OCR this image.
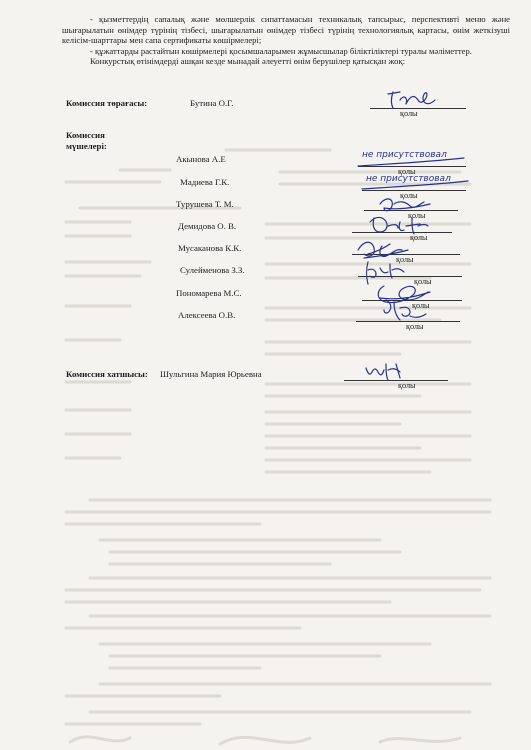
- қызметтердің сапалық және мөлшерлік сипаттамасын техникалық тапсырыс, перспективті меню және шығарылатын өнімдер түрінің тізбесі, шығарылатын өнімдер тізбесі түрінің технологиялық картасы, өнім жеткізуші келісім-шарттары мен сапа сертификаты көшірмелері;

- құжаттарды растайтын көшірмелері қосымшаларымен жұмысшылар біліктіліктері туралы мәліметтер.

Конкурстық өтінімдерді ашқан кезде мынадай әлеуетті өнім берушілер қатысқан жоқ:

Комиссия төрағасы:	Бутина О.Г.
қолы
Комиссия
мүшелері:
Акынова А.Е
қолы
не присутствовал
Мадиева Г.К.
қолы
не присутствовал
Турушева Т. М.
қолы
Демидова О. В.
қолы
Мусаканова К.К.
қолы
Сулейменова З.З.
қолы
Пономарева М.С.
қолы
Алексеева О.В.
қолы
Комиссия хатшысы: Шульгина Мария Юрьевна
қолы
